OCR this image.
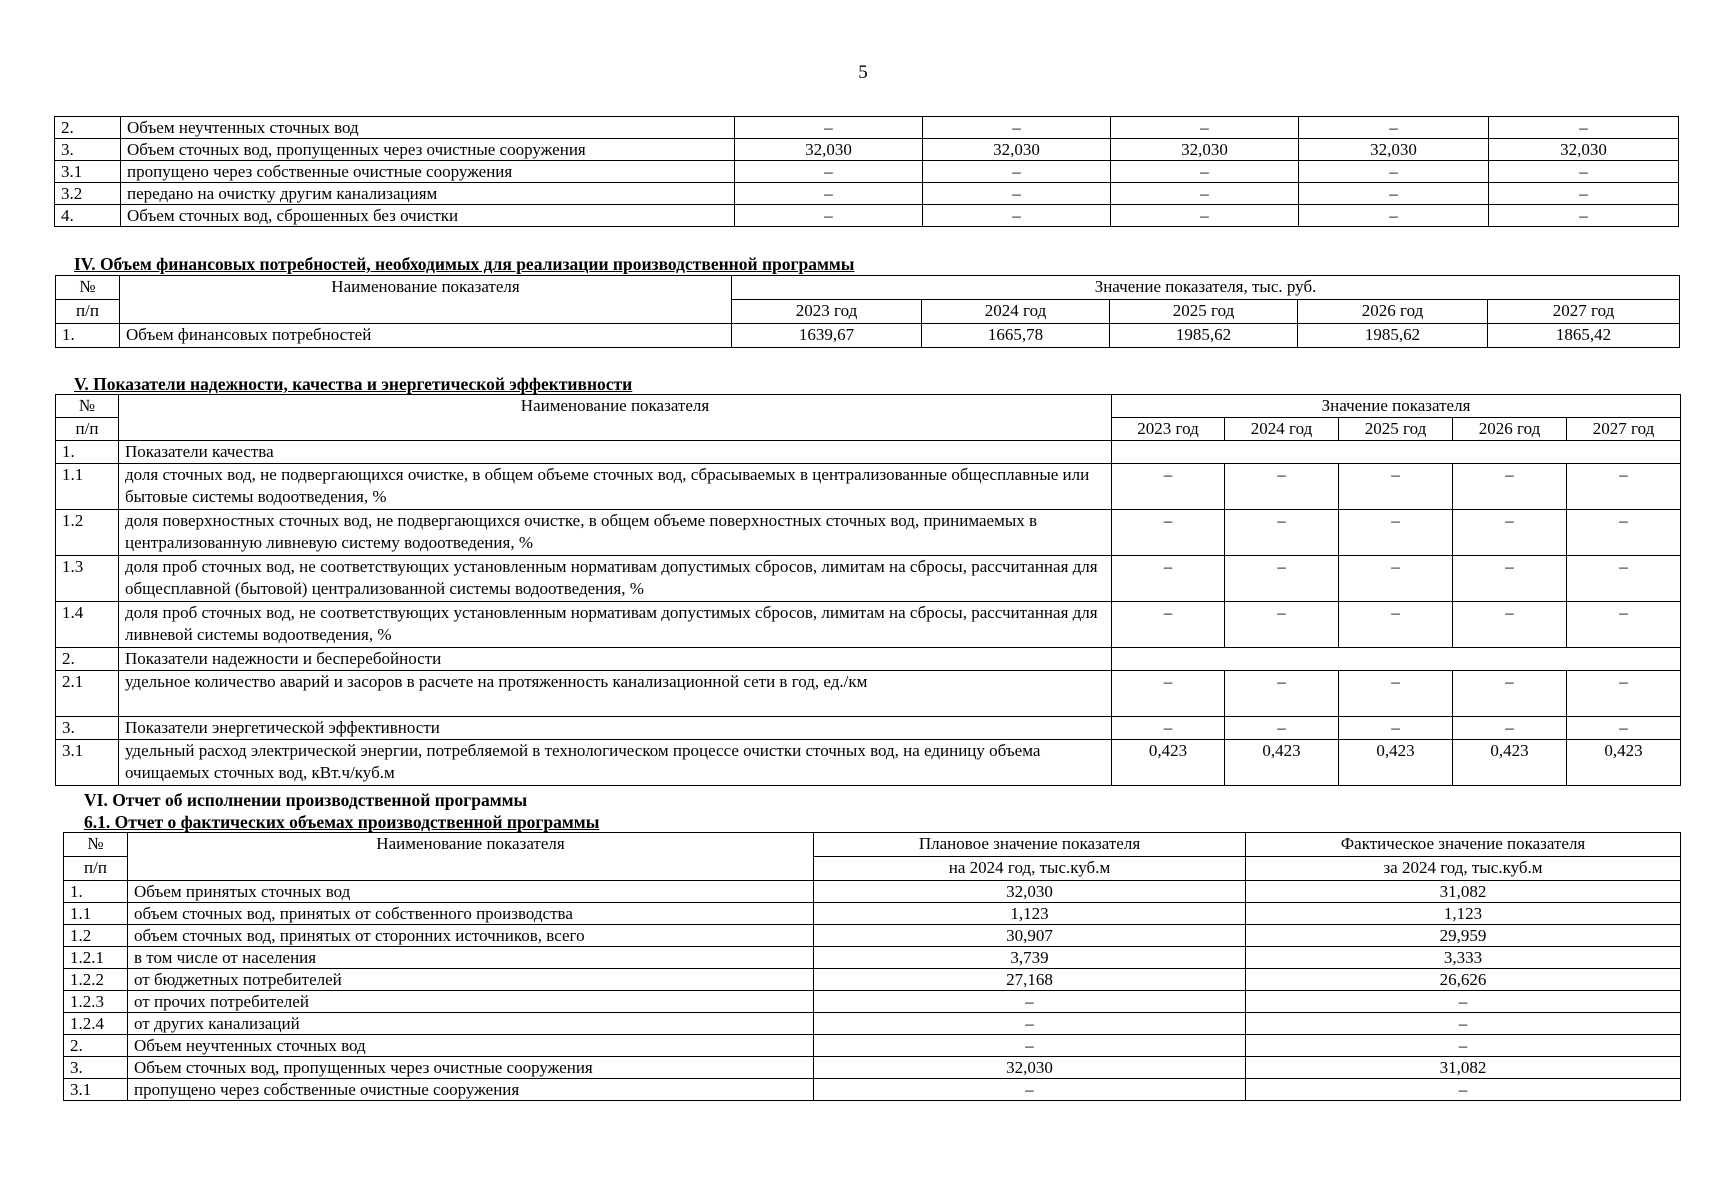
5
2.	Объем неучтенных сточных вод	–	–	–	–	–
3.	Объем сточных вод, пропущенных через очистные сооружения	32,030	32,030	32,030	32,030	32,030
3.1	пропущено через собственные очистные сооружения	–	–	–	–	–
3.2	передано на очистку другим канализациям	–	–	–	–	–
4.	Объем сточных вод, сброшенных без очистки	–	–	–	–	–
IV. Объем финансовых потребностей, необходимых для реализации производственной программы
№	Наименование показателя	Значение показателя, тыс. руб.				
п/п		2023 год	2024 год	2025 год	2026 год	2027 год
1.	Объем финансовых потребностей	1639,67	1665,78	1985,62	1985,62	1865,42
V. Показатели надежности, качества и энергетической эффективности
№	Наименование показателя	Значение показателя				
п/п		2023 год	2024 год	2025 год	2026 год	2027 год
1.	Показатели качества					
1.1	доля сточных вод, не подвергающихся очистке, в общем объеме сточных вод, сбрасываемых в централизованные общесплавные или бытовые системы водоотведения, %	–	–	–	–	–
1.2	доля поверхностных сточных вод, не подвергающихся очистке, в общем объеме поверхностных сточных вод, принимаемых в централизованную ливневую систему водоотведения, %	–	–	–	–	–
1.3	доля проб сточных вод, не соответствующих установленным нормативам допустимых сбросов, лимитам на сбросы, рассчитанная для общесплавной (бытовой) централизованной системы водоотведения, %	–	–	–	–	–
1.4	доля проб сточных вод, не соответствующих установленным нормативам допустимых сбросов, лимитам на сбросы, рассчитанная для ливневой системы водоотведения, %	–	–	–	–	–
2.	Показатели надежности и бесперебойности					
2.1	удельное количество аварий и засоров в расчете на протяженность канализационной сети в год, ед./км	–	–	–	–	–
3.	Показатели энергетической эффективности	–	–	–	–	–
3.1	удельный расход электрической энергии, потребляемой в технологическом процессе очистки сточных вод, на единицу объема очищаемых сточных вод, кВт.ч/куб.м	0,423	0,423	0,423	0,423	0,423
VI. Отчет об исполнении производственной программы
6.1. Отчет о фактических объемах производственной программы
№	Наименование показателя	Плановое значение показателя	Фактическое значение показателя
п/п		на 2024 год, тыс.куб.м	за 2024 год, тыс.куб.м
1.	Объем принятых сточных вод	32,030	31,082
1.1	объем сточных вод, принятых от собственного производства	1,123	1,123
1.2	объем сточных вод, принятых от сторонних источников, всего	30,907	29,959
1.2.1	в том числе от населения	3,739	3,333
1.2.2	от бюджетных потребителей	27,168	26,626
1.2.3	от прочих потребителей	–	–
1.2.4	от других канализаций	–	–
2.	Объем неучтенных сточных вод	–	–
3.	Объем сточных вод, пропущенных через очистные сооружения	32,030	31,082
3.1	пропущено через собственные очистные сооружения	–	–
